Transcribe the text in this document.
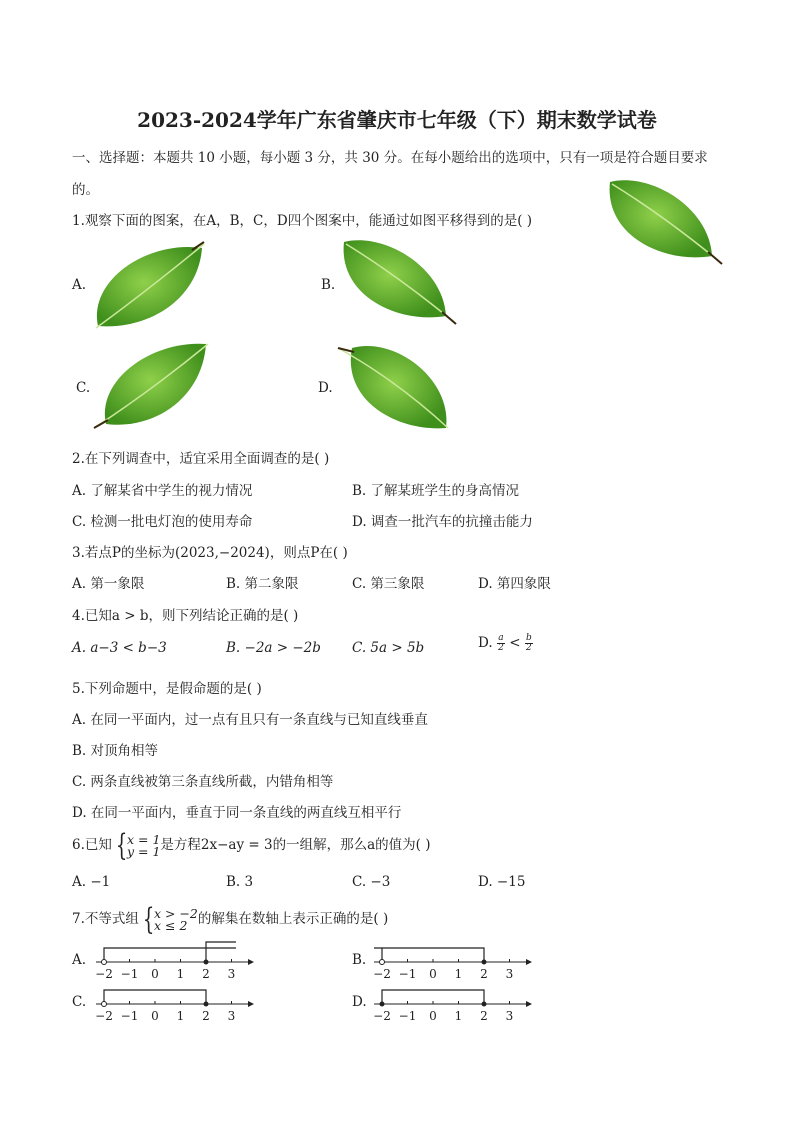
2023-2024学年广东省肇庆市七年级（下）期末数学试卷
一、选择题：本题共 10 小题，每小题 3 分，共 30 分。在每小题给出的选项中，只有一项是符合题目要求
的。
1.观察下面的图案，在A，B，C，D四个图案中，能通过如图平移得到的是( )
A.	B.
C.	D.
2.在下列调查中，适宜采用全面调查的是( )
A. 了解某省中学生的视力情况	B. 了解某班学生的身高情况
C. 检测一批电灯泡的使用寿命	D. 调查一批汽车的抗撞击能力
3.若点P的坐标为(2023,−2024)，则点P在( )
A. 第一象限	B. 第二象限	C. 第三象限	D. 第四象限
4.已知a > b，则下列结论正确的是( )
A. a−3 < b−3	B. −2a > −2b C. 5a > 5b	D. $\frac{a}{2} < \frac{b}{2}$
5.下列命题中，是假命题的是( )
A. 在同一平面内，过一点有且只有一条直线与已知直线垂直
B. 对顶角相等
C. 两条直线被第三条直线所截，内错角相等
D. 在同一平面内，垂直于同一条直线的两直线互相平行
6.已知 { x = 1
y = 1 是方程2x−ay = 3的一组解，那么a的值为( )
A. −1	B. 3	C. −3	D. −15
7.不等式组 { x > −2
x ≤ 2 的解集在数轴上表示正确的是( )
A.
−2 −1 0 1 2 3
B.
−2 −1 0 1 2 3
C.
−2 −1 0 1 2 3
D.
−2 −1 0 1 2 3
